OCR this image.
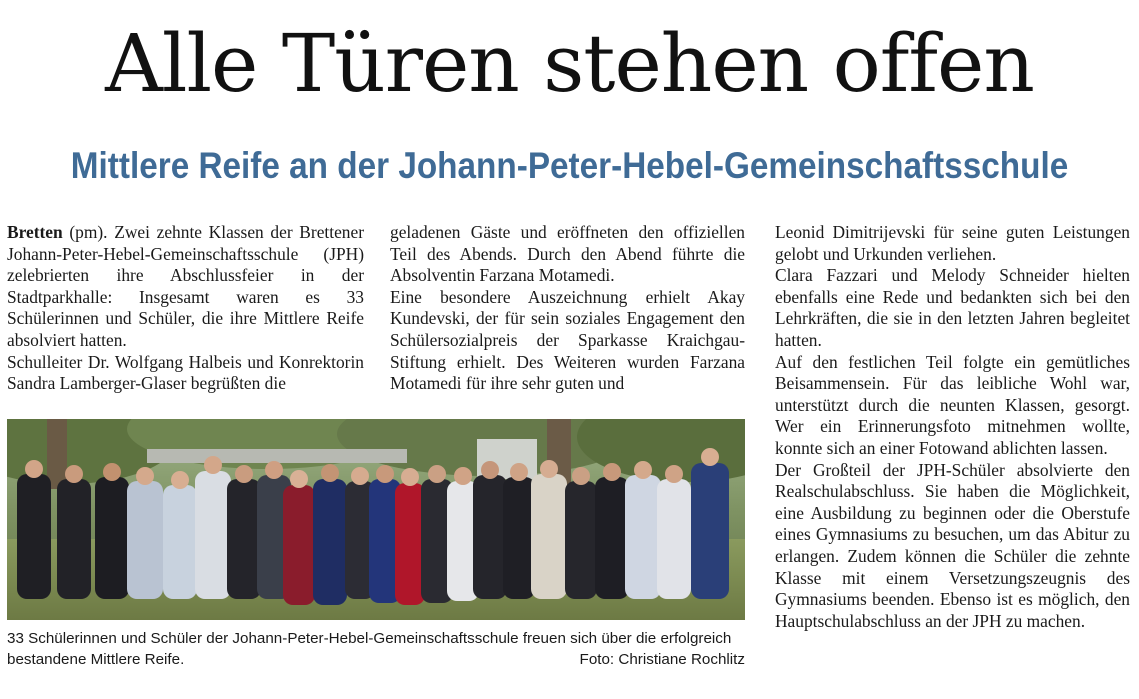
Alle Türen stehen offen
Mittlere Reife an der Johann-Peter-Hebel-Gemeinschaftsschule

Bretten (pm). Zwei zehnte Klassen der Brettener Johann-Peter-Hebel-Gemeinschaftsschule (JPH) zelebrierten ihre Abschlussfeier in der Stadtparkhalle: Insgesamt waren es 33 Schülerinnen und Schüler, die ihre Mittlere Reife absolviert hatten.

Schulleiter Dr. Wolfgang Halbeis und Konrektorin Sandra Lamberger-Glaser begrüßten die

geladenen Gäste und eröffneten den offiziellen Teil des Abends. Durch den Abend führte die Absolventin Farzana Motamedi.

Eine besondere Auszeichnung erhielt Akay Kundevski, der für sein soziales Engagement den Schülersozialpreis der Sparkasse Kraichgau-Stiftung erhielt. Des Weiteren wurden Farzana Motamedi für ihre sehr guten und

Leonid Dimitrijevski für seine guten Leistungen gelobt und Urkunden verliehen.

Clara Fazzari und Melody Schneider hielten ebenfalls eine Rede und bedankten sich bei den Lehrkräften, die sie in den letzten Jahren begleitet hatten.

Auf den festlichen Teil folgte ein gemütliches Beisammensein. Für das leibliche Wohl war, unterstützt durch die neunten Klassen, gesorgt. Wer ein Erinnerungsfoto mitnehmen wollte, konnte sich an einer Fotowand ablichten lassen.

Der Großteil der JPH-Schüler absolvierte den Realschulabschluss. Sie haben die Möglichkeit, eine Ausbildung zu beginnen oder die Oberstufe eines Gymnasiums zu besuchen, um das Abitur zu erlangen. Zudem können die Schüler die zehnte Klasse mit einem Versetzungszeugnis des Gymnasiums beenden. Ebenso ist es möglich, den Hauptschulabschluss an der JPH zu machen.

33 Schülerinnen und Schüler der Johann-Peter-Hebel-Gemeinschaftsschule freuen sich über die erfolgreich bestandene Mittlere Reife.	Foto: Christiane Rochlitz
